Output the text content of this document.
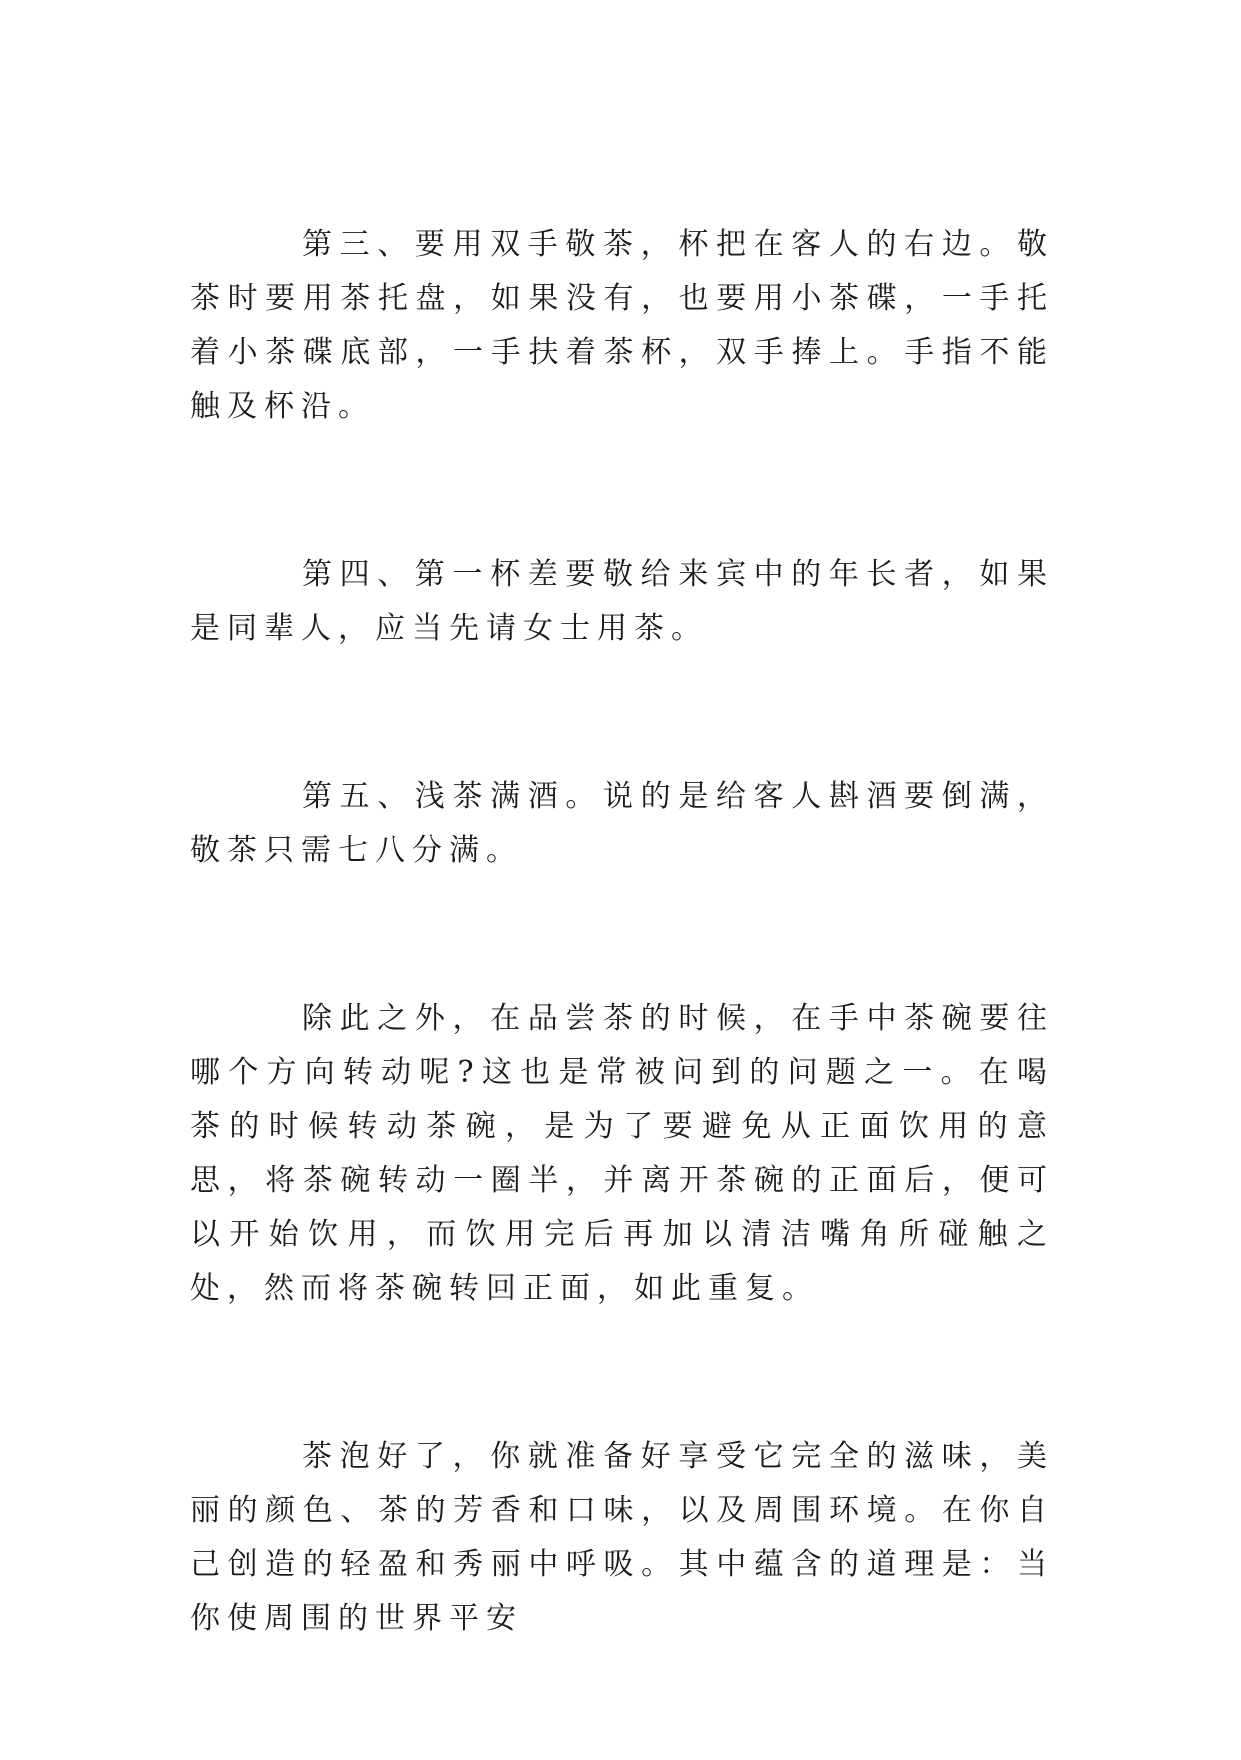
第三、要用双手敬茶，杯把在客人的右边。敬茶时要用茶托盘，如果没有，也要用小茶碟，一手托着小茶碟底部，一手扶着茶杯，双手捧上。手指不能触及杯沿。

第四、第一杯差要敬给来宾中的年长者，如果是同辈人，应当先请女士用茶。

第五、浅茶满酒。说的是给客人斟酒要倒满，敬茶只需七八分满。

除此之外，在品尝茶的时候，在手中茶碗要往哪个方向转动呢?这也是常被问到的问题之一。在喝茶的时候转动茶碗，是为了要避免从正面饮用的意思，将茶碗转动一圈半，并离开茶碗的正面后，便可以开始饮用，而饮用完后再加以清洁嘴角所碰触之处，然而将茶碗转回正面，如此重复。

茶泡好了，你就准备好享受它完全的滋味，美丽的颜色、茶的芳香和口味，以及周围环境。在你自己创造的轻盈和秀丽中呼吸。其中蕴含的道理是：当你使周围的世界平安
